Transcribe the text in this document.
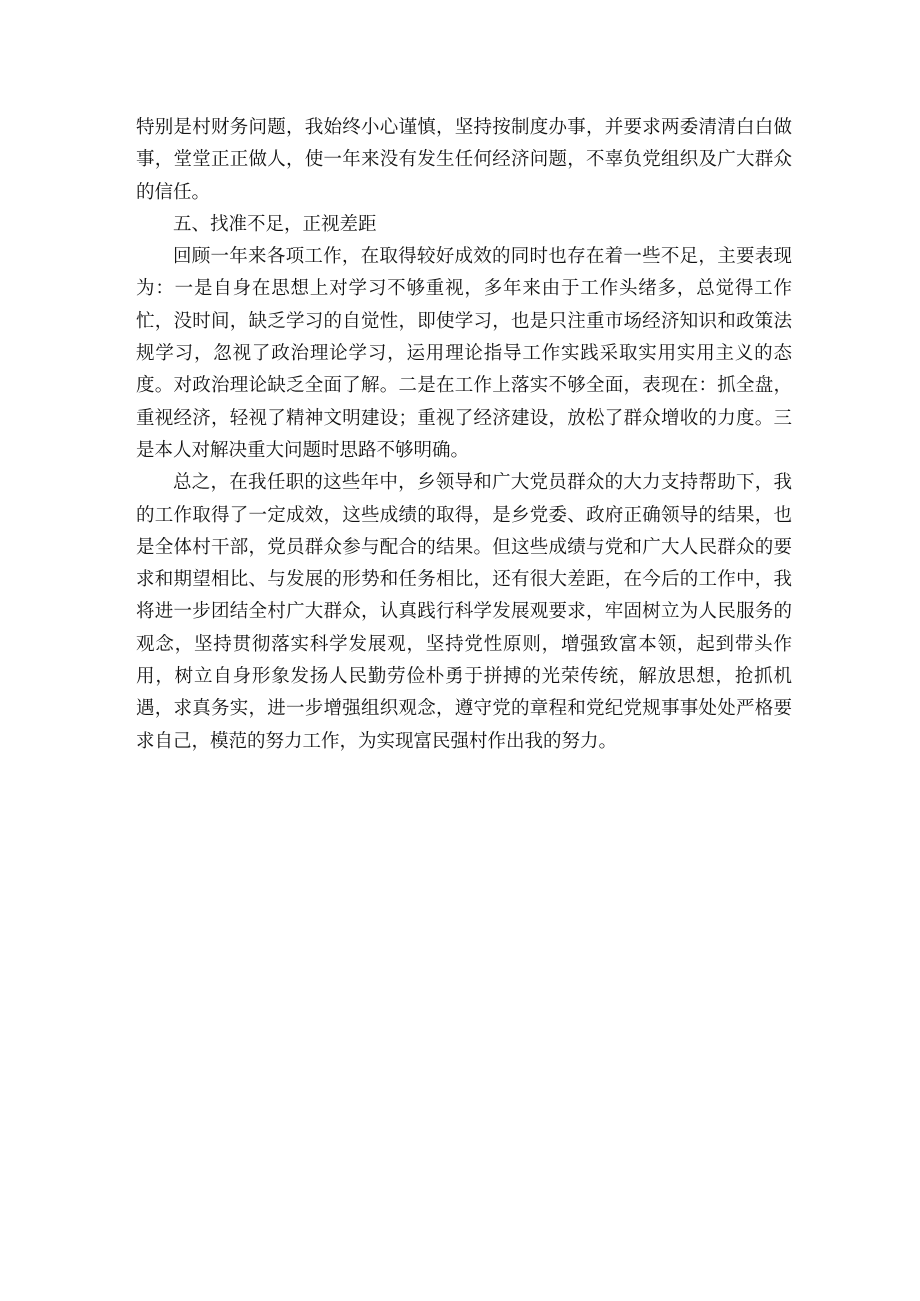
特别是村财务问题，我始终小心谨慎，坚持按制度办事，并要求两委清清白白做事，堂堂正正做人，使一年来没有发生任何经济问题，不辜负党组织及广大群众的信任。

五、找准不足，正视差距

回顾一年来各项工作，在取得较好成效的同时也存在着一些不足，主要表现为：一是自身在思想上对学习不够重视，多年来由于工作头绪多，总觉得工作忙，没时间，缺乏学习的自觉性，即使学习，也是只注重市场经济知识和政策法规学习，忽视了政治理论学习，运用理论指导工作实践采取实用实用主义的态度。对政治理论缺乏全面了解。二是在工作上落实不够全面，表现在：抓全盘，重视经济，轻视了精神文明建设；重视了经济建设，放松了群众增收的力度。三是本人对解决重大问题时思路不够明确。

总之，在我任职的这些年中，乡领导和广大党员群众的大力支持帮助下，我的工作取得了一定成效，这些成绩的取得，是乡党委、政府正确领导的结果，也是全体村干部，党员群众参与配合的结果。但这些成绩与党和广大人民群众的要求和期望相比、与发展的形势和任务相比，还有很大差距，在今后的工作中，我将进一步团结全村广大群众，认真践行科学发展观要求，牢固树立为人民服务的观念，坚持贯彻落实科学发展观，坚持党性原则，增强致富本领，起到带头作用，树立自身形象发扬人民勤劳俭朴勇于拼搏的光荣传统，解放思想，抢抓机遇，求真务实，进一步增强组织观念，遵守党的章程和党纪党规事事处处严格要求自己，模范的努力工作，为实现富民强村作出我的努力。
